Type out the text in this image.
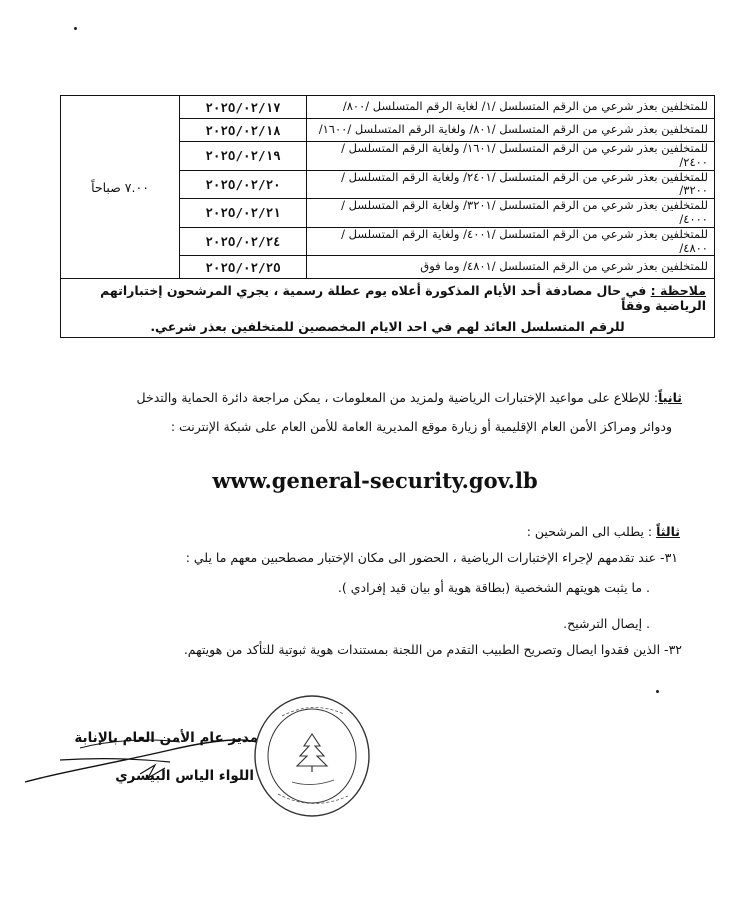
للمتخلفين بعذر شرعي من الرقم المتسلسل /١/ لغاية الرقم المتسلسل /٨٠٠/	٢٠٢٥/٠٢/١٧	٧.٠٠ صباحاً
للمتخلفين بعذر شرعي من الرقم المتسلسل /٨٠١/ ولغاية الرقم المتسلسل /١٦٠٠/	٢٠٢٥/٠٢/١٨	
للمتخلفين بعذر شرعي من الرقم المتسلسل /١٦٠١/ ولغاية الرقم المتسلسل /٢٤٠٠/	٢٠٢٥/٠٢/١٩	
للمتخلفين بعذر شرعي من الرقم المتسلسل /٢٤٠١/ ولغاية الرقم المتسلسل /٣٢٠٠/	٢٠٢٥/٠٢/٢٠	
للمتخلفين بعذر شرعي من الرقم المتسلسل /٣٢٠١/ ولغاية الرقم المتسلسل /٤٠٠٠/	٢٠٢٥/٠٢/٢١	
للمتخلفين بعذر شرعي من الرقم المتسلسل /٤٠٠١/ ولغاية الرقم المتسلسل /٤٨٠٠/	٢٠٢٥/٠٢/٢٤	
للمتخلفين بعذر شرعي من الرقم المتسلسل /٤٨٠١/ وما فوق	٢٠٢٥/٠٢/٢٥	

ملاحظة : في حال مصادفة أحد الأيام المذكورة أعلاه يوم عطلة رسمية ، يجري المرشحون إختباراتهم الرياضية وفقاً
للرقم المتسلسل العائد لهم في احد الايام المخصصين للمتخلفين بعذر شرعي.		
ثانياً: للإطلاع على مواعيد الإختبارات الرياضية ولمزيد من المعلومات ، يمكن مراجعة دائرة الحماية والتدخل
ودوائر ومراكز الأمن العام الإقليمية أو زيارة موقع المديرية العامة للأمن العام على شبكة الإنترنت :
www.general-security.gov.lb
ثالثاً : يطلب الى المرشحين :
٣١- عند تقدمهم لإجراء الإختبارات الرياضية ، الحضور الى مكان الإختبار مصطحبين معهم ما يلي :
. ما يثبت هويتهم الشخصية (بطاقة هوية أو بيان قيد إفرادي ).
. إيصال الترشيح.
٣٢- الذين فقدوا ايصال وتصريح الطبيب التقدم من اللجنة بمستندات هوية ثبوتية للتأكد من هويتهم.
مدير عام الأمن العام بالإنابة
اللواء الياس البيسري
